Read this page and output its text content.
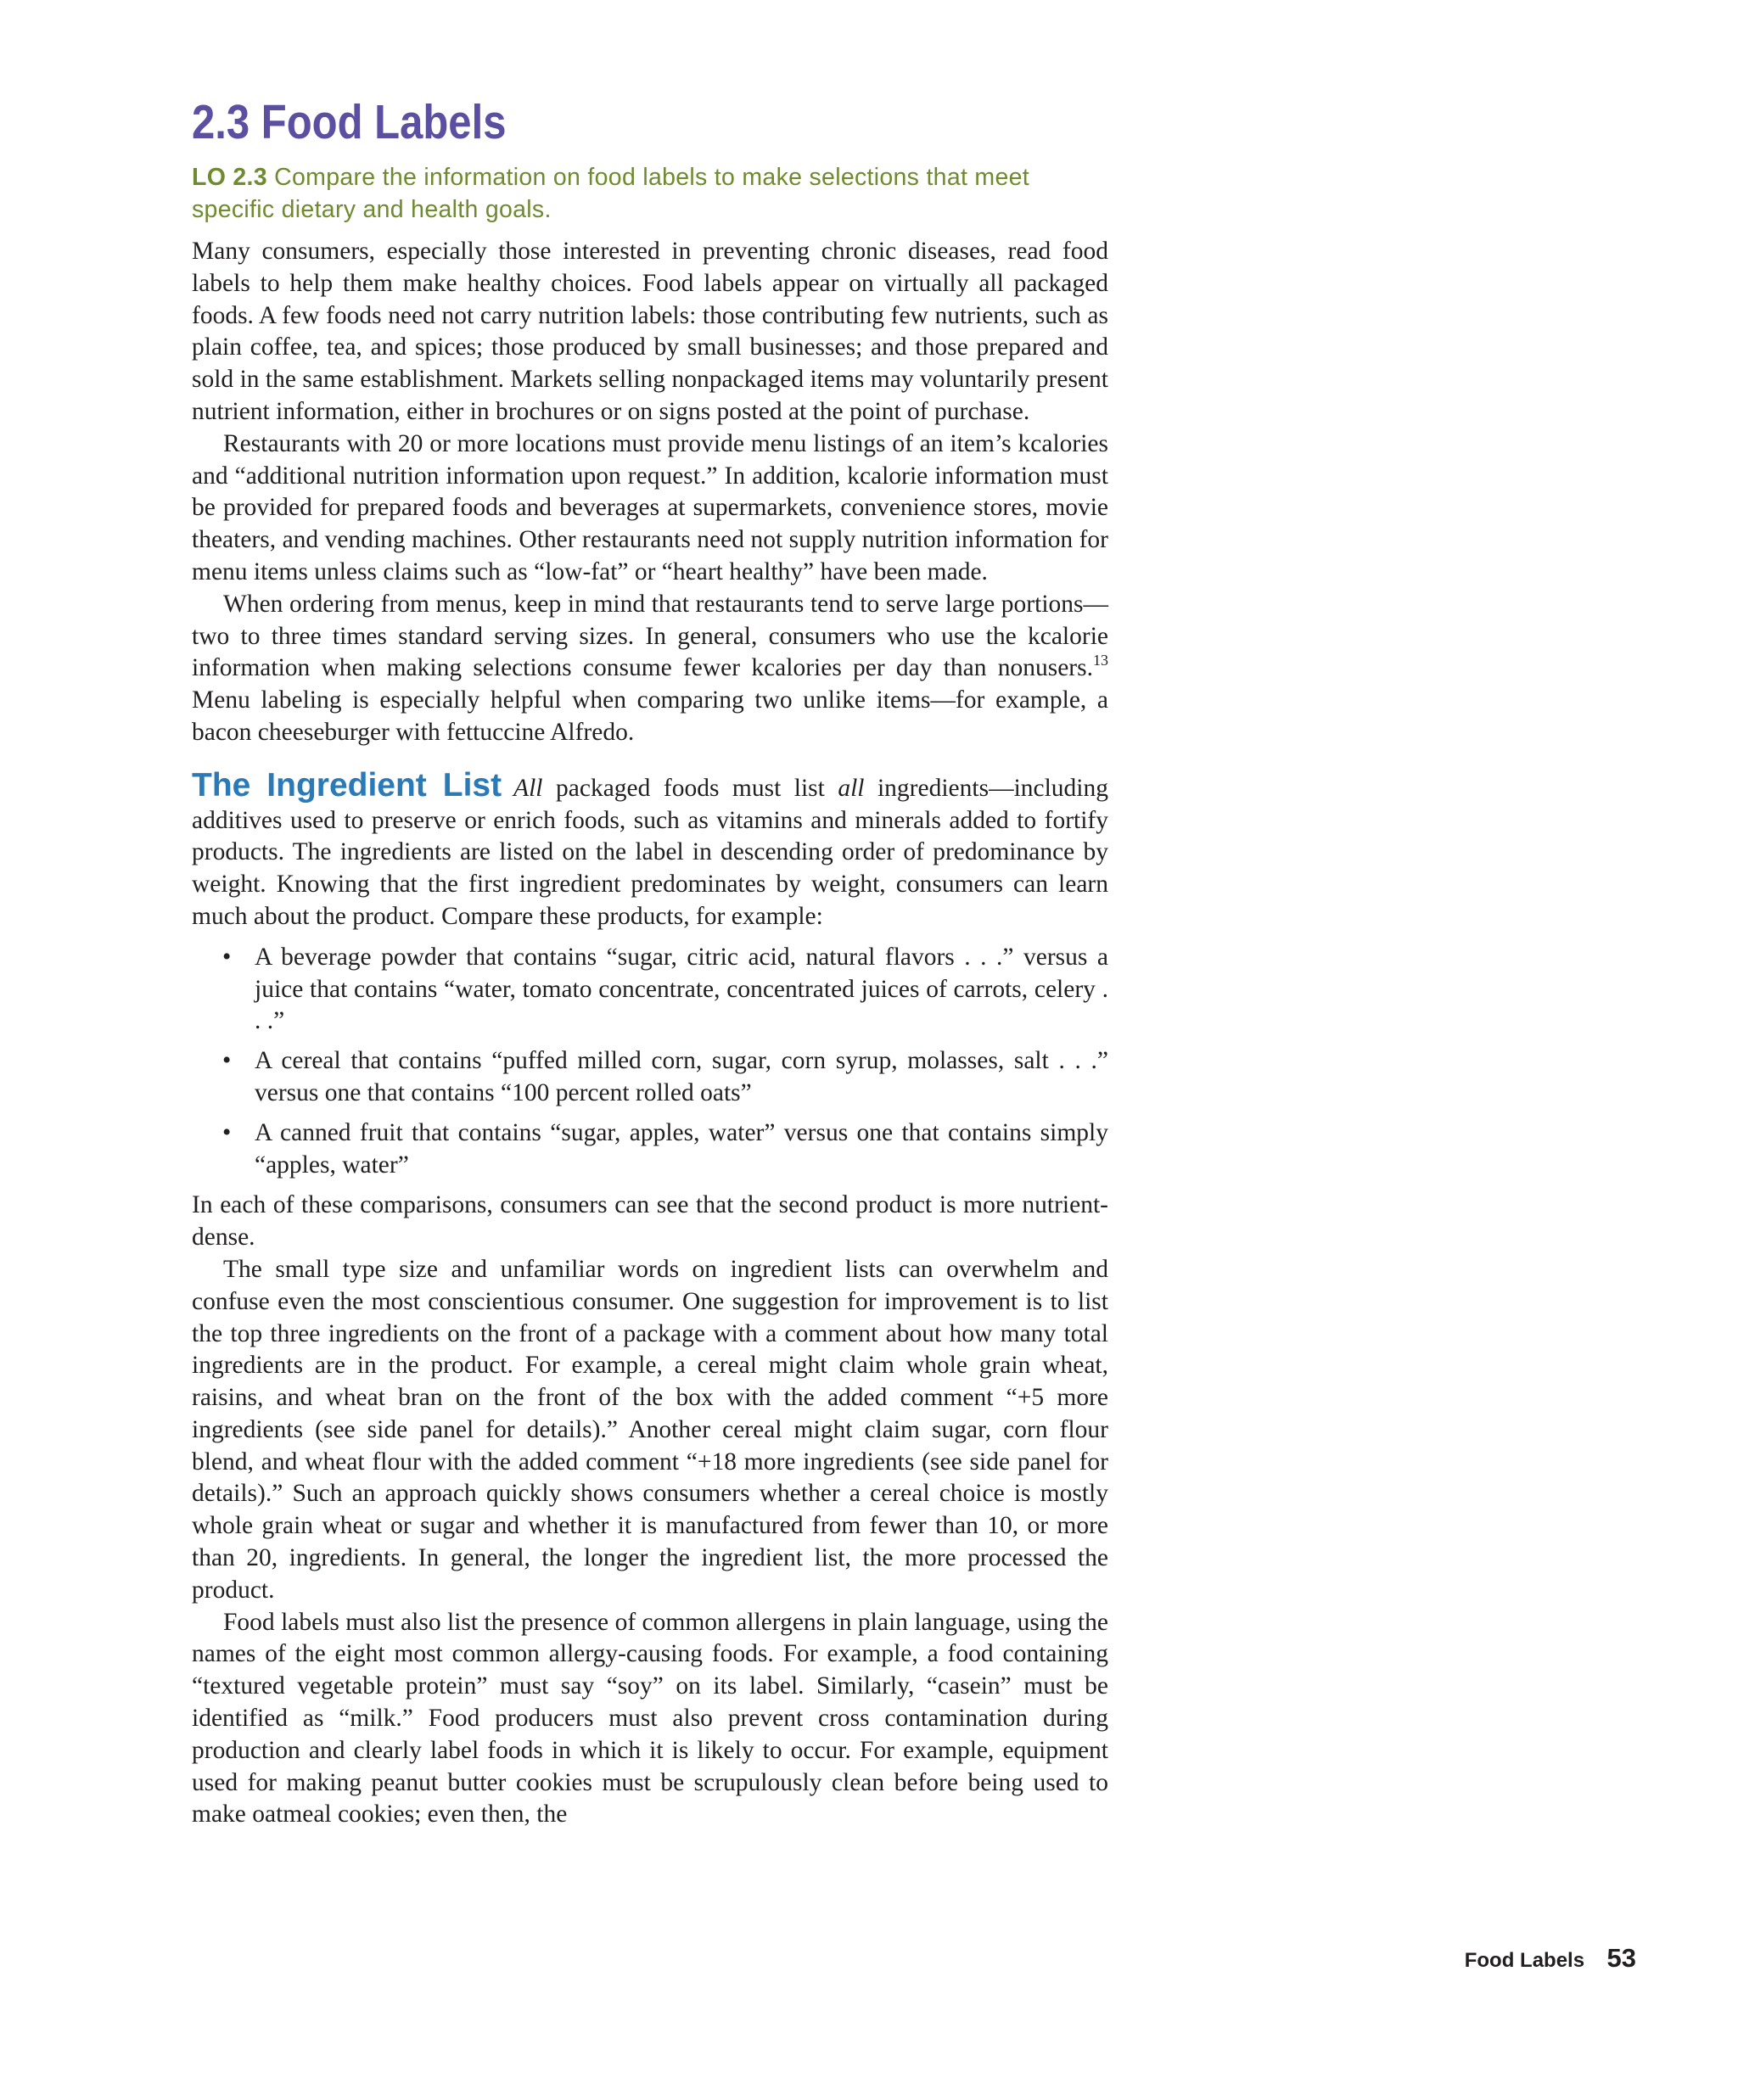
2.3 Food Labels
LO 2.3 Compare the information on food labels to make selections that meet specific dietary and health goals.

Many consumers, especially those interested in preventing chronic diseases, read food labels to help them make healthy choices. Food labels appear on virtually all packaged foods. A few foods need not carry nutrition labels: those contributing few nutrients, such as plain coffee, tea, and spices; those produced by small businesses; and those prepared and sold in the same establishment. Markets selling nonpackaged items may voluntarily present nutrient information, either in brochures or on signs posted at the point of purchase.

Restaurants with 20 or more locations must provide menu listings of an item’s kcalories and “additional nutrition information upon request.” In addition, kcalorie information must be provided for prepared foods and beverages at supermarkets, convenience stores, movie theaters, and vending machines. Other restaurants need not supply nutrition information for menu items unless claims such as “low-fat” or “heart healthy” have been made.

When ordering from menus, keep in mind that restaurants tend to serve large portions—two to three times standard serving sizes. In general, consumers who use the kcalorie information when making selections consume fewer kcalories per day than nonusers.$^{13}$ Menu labeling is especially helpful when comparing two unlike items—for example, a bacon cheeseburger with fettuccine Alfredo.

The Ingredient List All packaged foods must list all ingredients—including additives used to preserve or enrich foods, such as vitamins and minerals added to fortify products. The ingredients are listed on the label in descending order of predominance by weight. Knowing that the first ingredient predominates by weight, consumers can learn much about the product. Compare these products, for example:

• A beverage powder that contains “sugar, citric acid, natural flavors . . .” versus a juice that contains “water, tomato concentrate, concentrated juices of carrots, celery . . .”
• A cereal that contains “puffed milled corn, sugar, corn syrup, molasses, salt . . .” versus one that contains “100 percent rolled oats”
• A canned fruit that contains “sugar, apples, water” versus one that contains simply “apples, water”

In each of these comparisons, consumers can see that the second product is more nutrient-dense.

The small type size and unfamiliar words on ingredient lists can overwhelm and confuse even the most conscientious consumer. One suggestion for improvement is to list the top three ingredients on the front of a package with a comment about how many total ingredients are in the product. For example, a cereal might claim whole grain wheat, raisins, and wheat bran on the front of the box with the added comment “+5 more ingredients (see side panel for details).” Another cereal might claim sugar, corn flour blend, and wheat flour with the added comment “+18 more ingredients (see side panel for details).” Such an approach quickly shows consumers whether a cereal choice is mostly whole grain wheat or sugar and whether it is manufactured from fewer than 10, or more than 20, ingredients. In general, the longer the ingredient list, the more processed the product.

Food labels must also list the presence of common allergens in plain language, using the names of the eight most common allergy-causing foods. For example, a food containing “textured vegetable protein” must say “soy” on its label. Similarly, “casein” must be identified as “milk.” Food producers must also prevent cross contamination during production and clearly label foods in which it is likely to occur. For example, equipment used for making peanut butter cookies must be scrupulously clean before being used to make oatmeal cookies; even then, the

Food Labels 53
